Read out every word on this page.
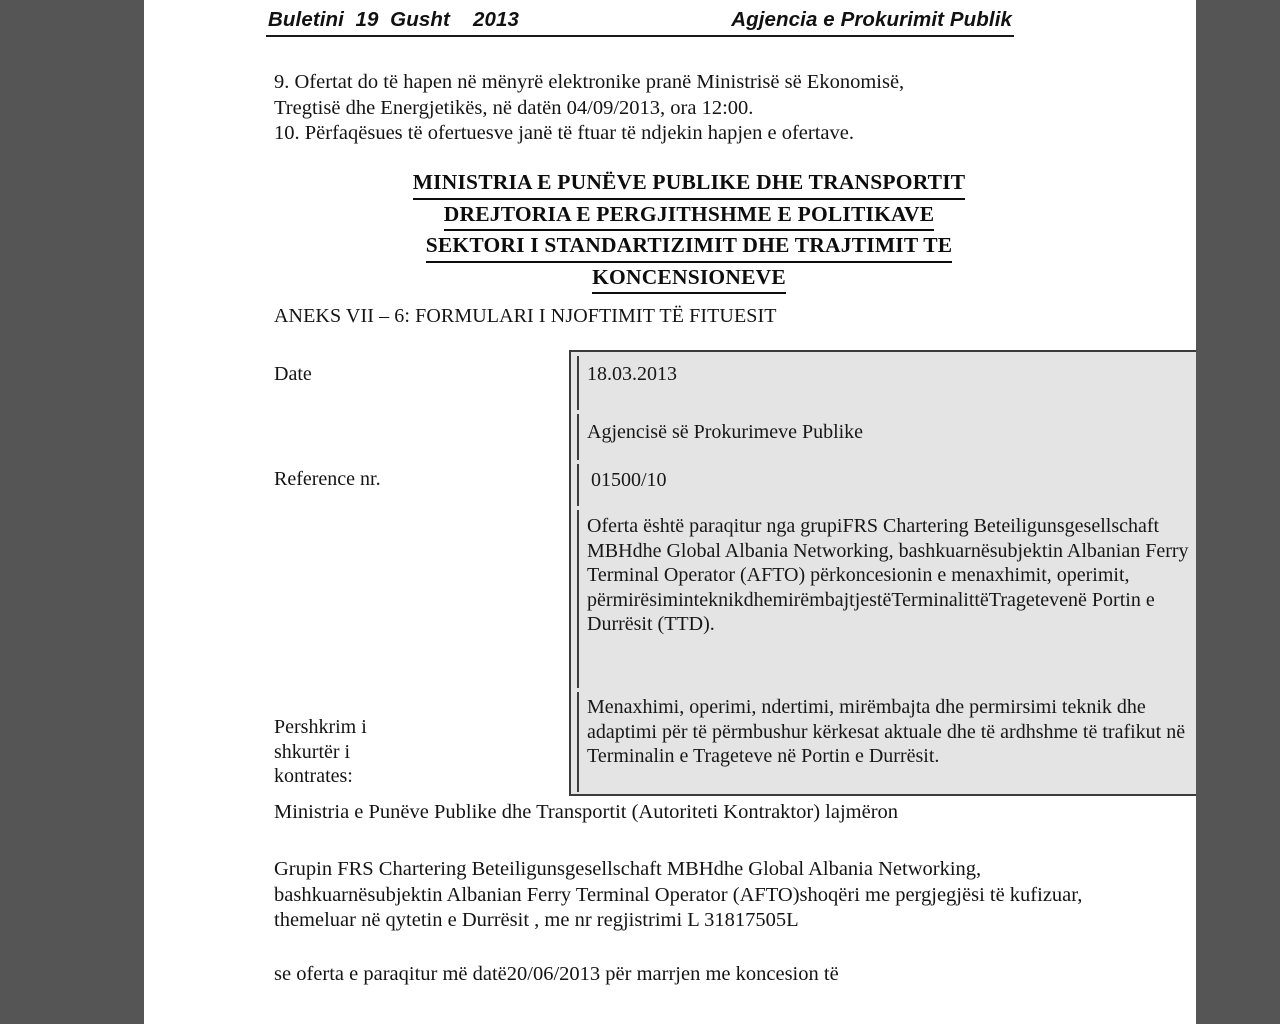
Buletini  19  Gusht    2013	Agjencia e Prokurimit Publik

9. Ofertat do të hapen në mënyrë elektronike pranë Ministrisë së Ekonomisë,

Tregtisë dhe Energjetikës, në datën 04/09/2013, ora 12:00.

10. Përfaqësues të ofertuesve janë të ftuar të ndjekin hapjen e ofertave.

MINISTRIA E PUNËVE PUBLIKE DHE TRANSPORTIT
DREJTORIA E PERGJITHSHME E POLITIKAVE
SEKTORI I STANDARTIZIMIT DHE TRAJTIMIT TE
KONCENSIONEVE
ANEKS VII – 6: FORMULARI I NJOFTIMIT TË FITUESIT
Date
Reference nr.
Pershkrim i shkurtër i kontrates:
18.03.2013
Agjencisë së Prokurimeve Publike
01500/10
Oferta është paraqitur nga grupiFRS Chartering Beteiligunsgesellschaft MBHdhe Global Albania Networking, bashkuarnësubjektin Albanian Ferry Terminal Operator (AFTO) përkoncesionin e menaxhimit, operimit, përmirësiminteknikdhemirëmbajtjestëTerminalittëTragetevenë Portin e Durrësit (TTD).
Menaxhimi, operimi, ndertimi, mirëmbajta dhe permirsimi teknik dhe adaptimi për të përmbushur kërkesat aktuale dhe të ardhshme të trafikut në Terminalin e Trageteve në Portin e Durrësit.

Ministria e Punëve Publike dhe Transportit (Autoriteti Kontraktor) lajmëron

Grupin FRS Chartering Beteiligunsgesellschaft MBHdhe Global Albania Networking, bashkuarnësubjektin Albanian Ferry Terminal Operator (AFTO)shoqëri me pergjegjësi të kufizuar, themeluar në qytetin e Durrësit , me nr regjistrimi L 31817505L
se oferta e paraqitur më datë20/06/2013 për marrjen me koncesion të
